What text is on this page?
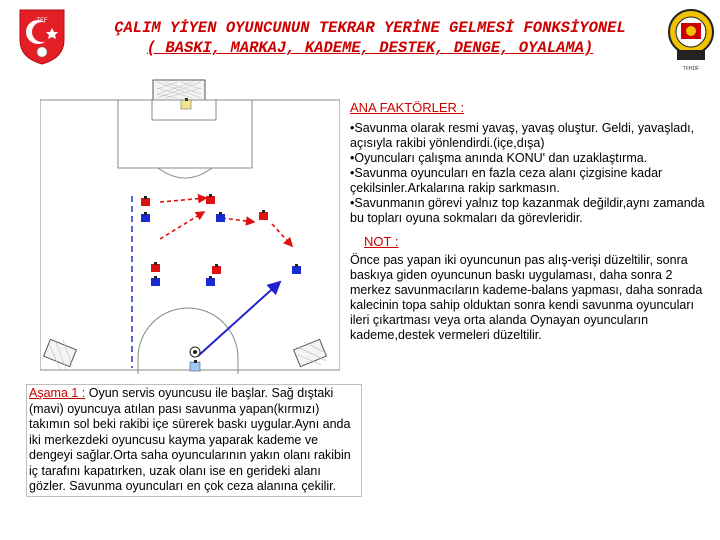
TFF
TFHDF
ÇALIM YİYEN OYUNCUNUN TEKRAR YERİNE GELMESİ FONKSİYONEL
( BASKI, MARKAJ, KADEME, DESTEK, DENGE, OYALAMA)
ANA FAKTÖRLER :
•Savunma olarak resmi yavaş, yavaş oluştur. Geldi, yavaşladı, açısıyla rakibi yönlendirdi.(içe,dışa)
•Oyuncuları çalışma anında KONU' dan uzaklaştırma.
•Savunma oyuncuları en fazla ceza alanı çizgisine kadar çekilsinler.Arkalarına rakip sarkmasın.
•Savunmanın görevi yalnız top kazanmak değildir,aynı zamanda bu topları oyuna sokmaları da görevleridir.
NOT :
Önce pas yapan iki oyuncunun pas alış-verişi düzeltilir, sonra baskıya giden oyuncunun baskı uygulaması, daha sonra 2 merkez savunmacıların kademe-balans yapması, daha sonrada kalecinin topa sahip olduktan sonra kendi savunma oyuncuları ileri çıkartması veya orta alanda Oynayan oyuncuların kademe,destek vermeleri düzeltilir.
Aşama 1 : Oyun servis oyuncusu ile başlar. Sağ dıştaki (mavi) oyuncuya atılan pası savunma yapan(kırmızı) takımın sol beki rakibi içe sürerek baskı uygular.Aynı anda iki merkezdeki oyuncusu kayma yaparak kademe ve dengeyi sağlar.Orta saha oyuncularının yakın olanı rakibin iç tarafını kapatırken, uzak olanı ise en gerideki alanı gözler. Savunma oyuncuları en çok ceza alanına çekilir.
